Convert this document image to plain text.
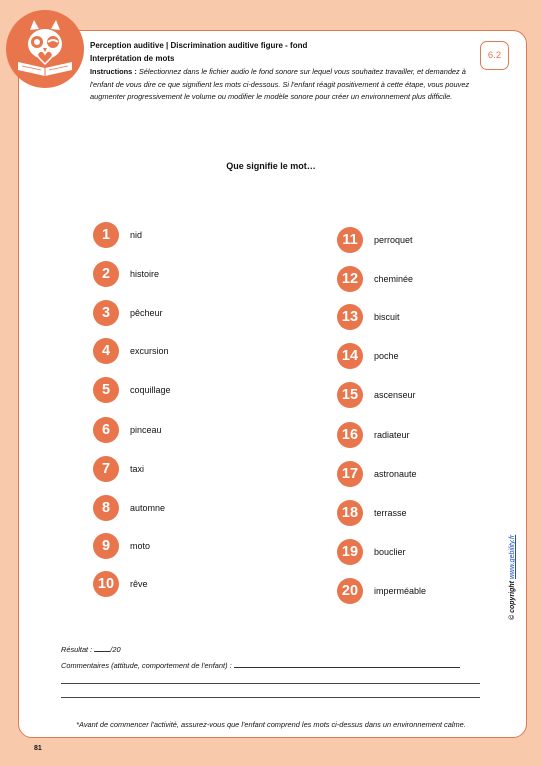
Perception auditive | Discrimination auditive figure - fond
Interprétation de mots
Instructions : Sélectionnez dans le fichier audio le fond sonore sur lequel vous souhaitez travailler, et demandez à l'enfant de vous dire ce que signifient les mots ci-dessous. Si l'enfant réagit positivement à cette étape, vous pouvez augmenter progressivement le volume ou modifier le modèle sonore pour créer un environnement plus difficile.
6.2
Que signifie le mot…
1	nid
2	histoire
3	pêcheur
4	excursion
5	coquillage
6	pinceau
7	taxi
8	automne
9	moto
10	rêve
11	perroquet
12	cheminée
13	biscuit
14	poche
15	ascenseur
16	radiateur
17	astronaute
18	terrasse
19	bouclier
20	imperméable
Résultat : /20
Commentaires (attitude, comportement de l'enfant) :
*Avant de commencer l'activité, assurez-vous que l'enfant comprend les mots ci-dessus dans un environnement calme.
81
© copyright www.gebility.fr
